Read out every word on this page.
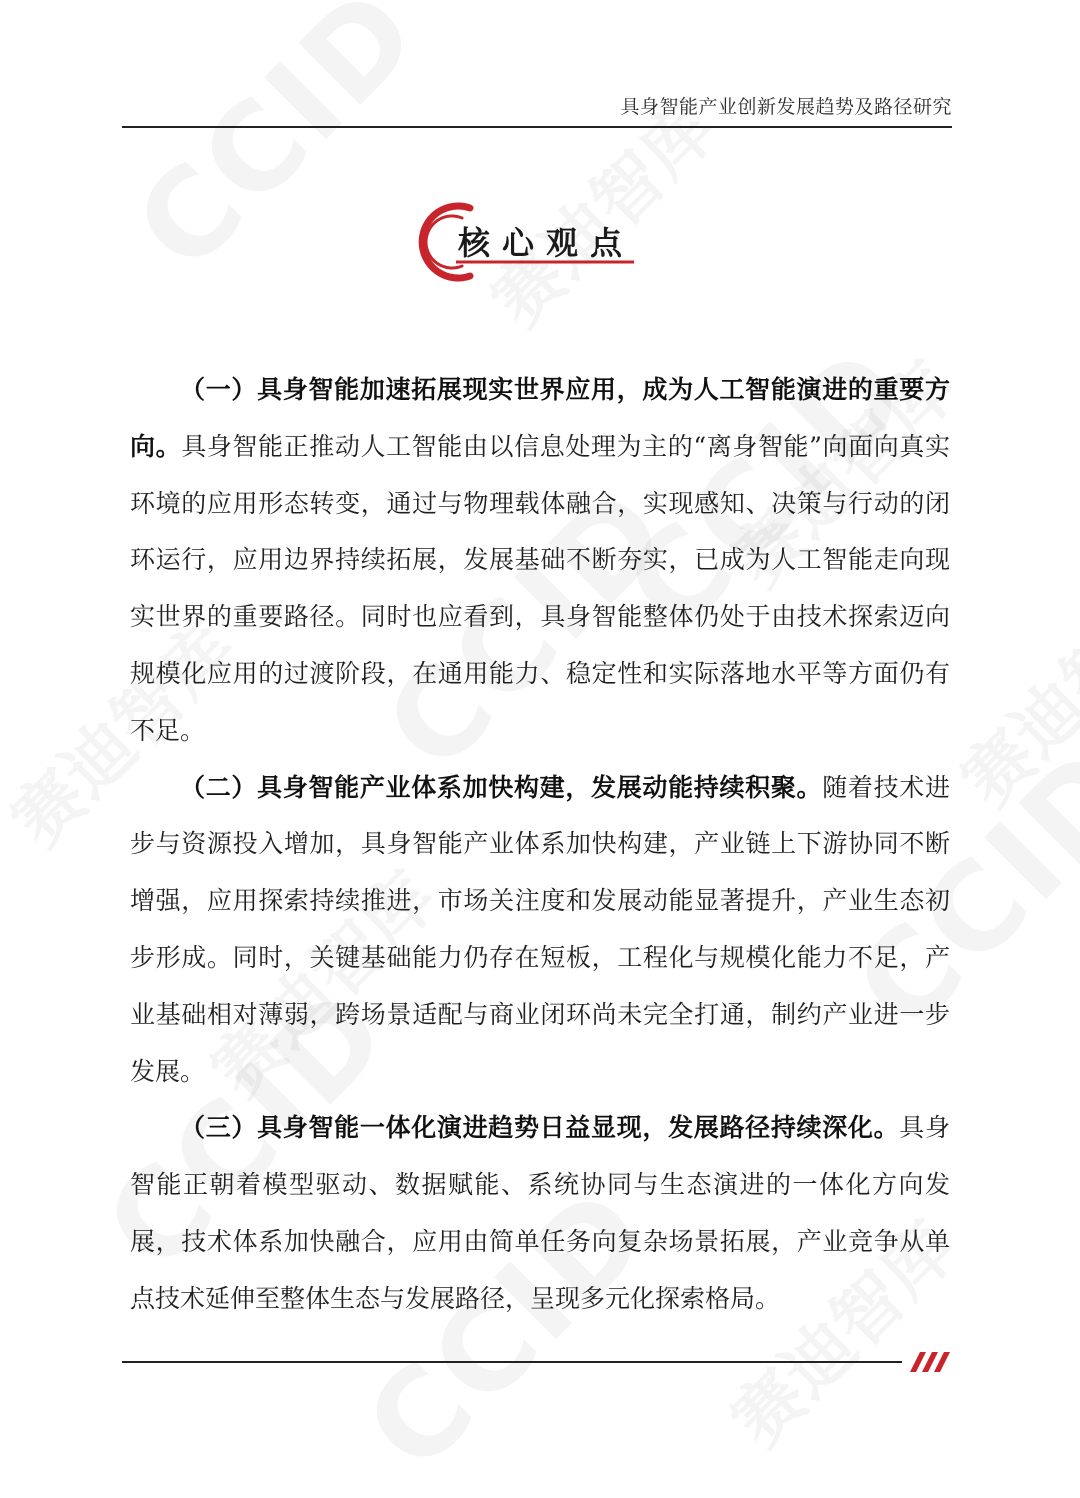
具身智能产业创新发展趋势及路径研究
核心观点

（一）具身智能加速拓展现实世界应用，成为人工智能演进的重要方向。具身智能正推动人工智能由以信息处理为主的“离身智能”向面向真实环境的应用形态转变，通过与物理载体融合，实现感知、决策与行动的闭环运行，应用边界持续拓展，发展基础不断夯实，已成为人工智能走向现实世界的重要路径。同时也应看到，具身智能整体仍处于由技术探索迈向规模化应用的过渡阶段，在通用能力、稳定性和实际落地水平等方面仍有不足。

（二）具身智能产业体系加快构建，发展动能持续积聚。随着技术进步与资源投入增加，具身智能产业体系加快构建，产业链上下游协同不断增强，应用探索持续推进，市场关注度和发展动能显著提升，产业生态初步形成。同时，关键基础能力仍存在短板，工程化与规模化能力不足，产业基础相对薄弱，跨场景适配与商业闭环尚未完全打通，制约产业进一步发展。

（三）具身智能一体化演进趋势日益显现，发展路径持续深化。具身智能正朝着模型驱动、数据赋能、系统协同与生态演进的一体化方向发展，技术体系加快融合，应用由简单任务向复杂场景拓展，产业竞争从单点技术延伸至整体生态与发展路径，呈现多元化探索格局。
